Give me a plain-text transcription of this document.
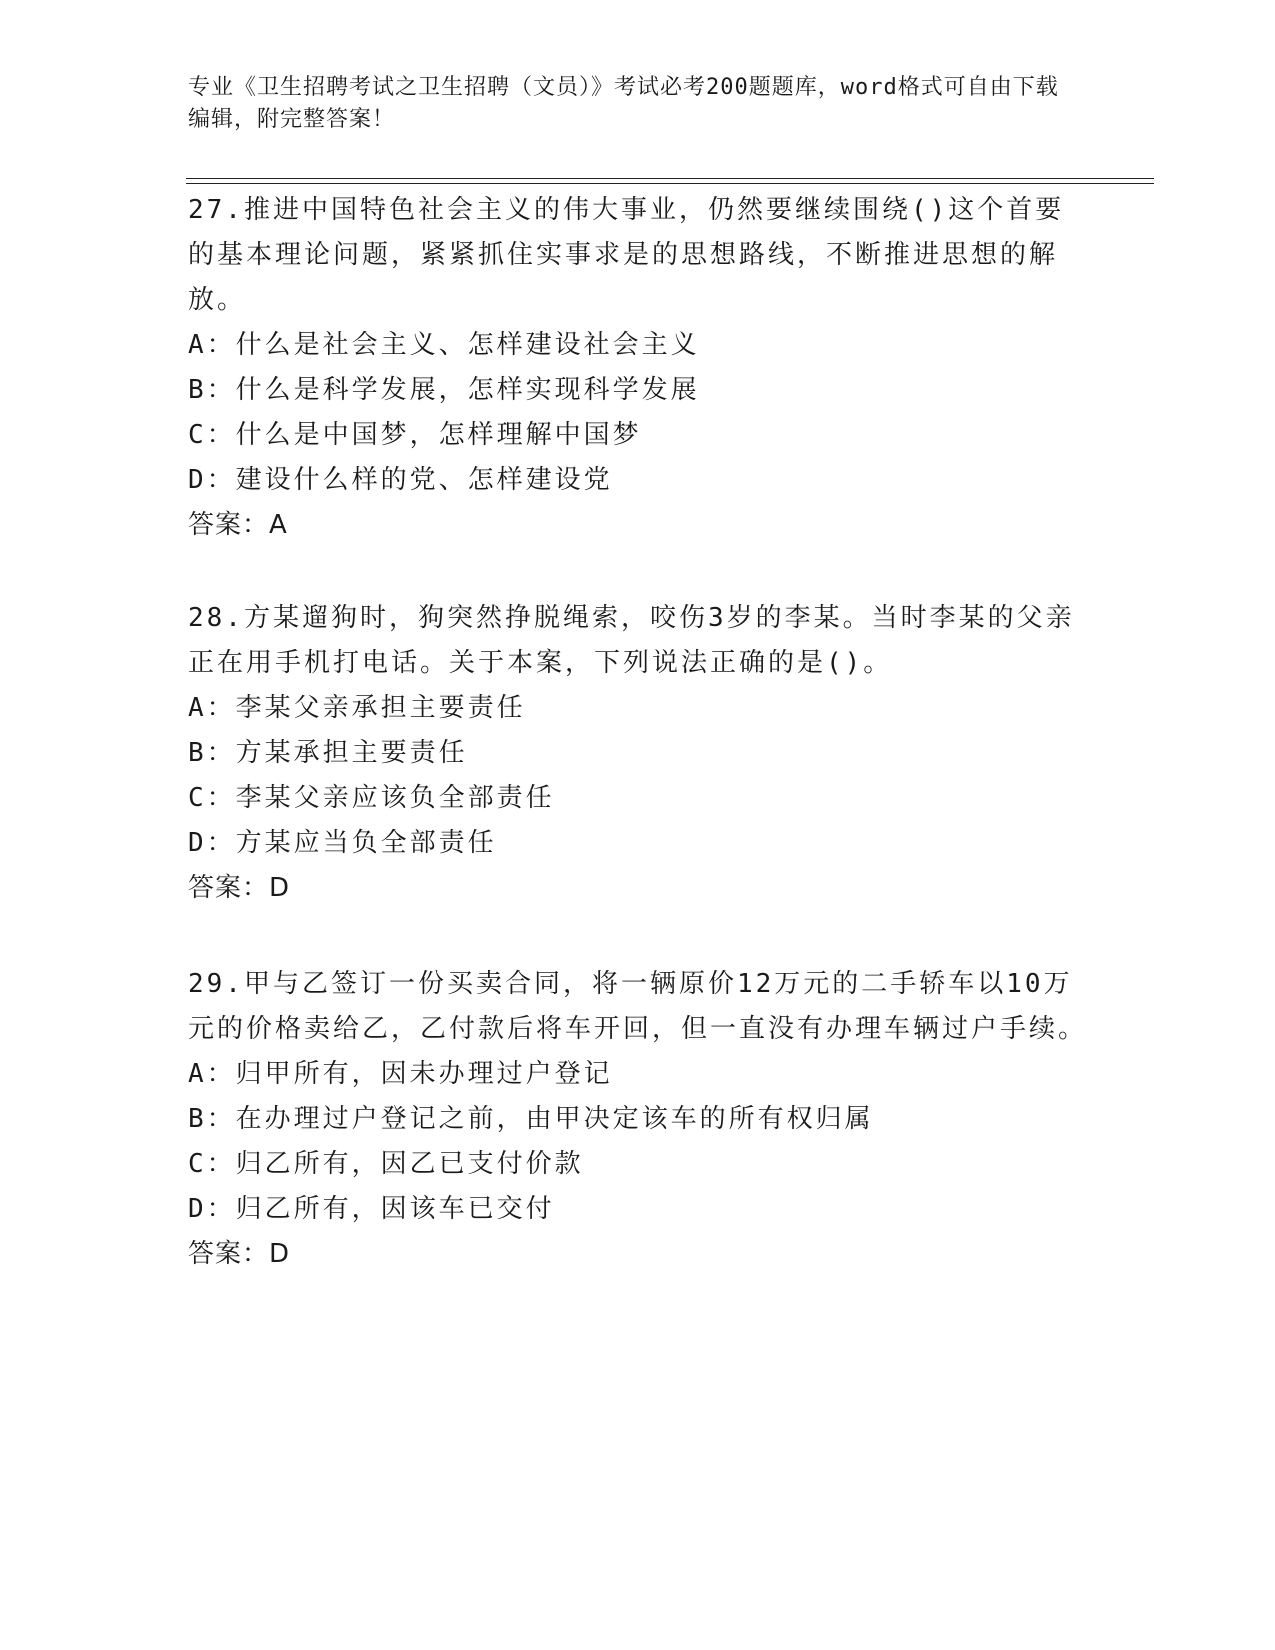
专业《卫生招聘考试之卫生招聘（文员）》考试必考200题题库，word格式可自由下载编辑，附完整答案！

27.推进中国特色社会主义的伟大事业，仍然要继续围绕()这个首要的基本理论问题，紧紧抓住实事求是的思想路线，不断推进思想的解放。

A：什么是社会主义、怎样建设社会主义

B：什么是科学发展，怎样实现科学发展

C：什么是中国梦，怎样理解中国梦

D：建设什么样的党、怎样建设党

答案：A

28.方某遛狗时，狗突然挣脱绳索，咬伤3岁的李某。当时李某的父亲正在用手机打电话。关于本案，下列说法正确的是()。

A：李某父亲承担主要责任

B：方某承担主要责任

C：李某父亲应该负全部责任

D：方某应当负全部责任

答案：D

29.甲与乙签订一份买卖合同，将一辆原价12万元的二手轿车以10万元的价格卖给乙，乙付款后将车开回，但一直没有办理车辆过户手续。

A：归甲所有，因未办理过户登记

B：在办理过户登记之前，由甲决定该车的所有权归属

C：归乙所有，因乙已支付价款

D：归乙所有，因该车已交付

答案：D
